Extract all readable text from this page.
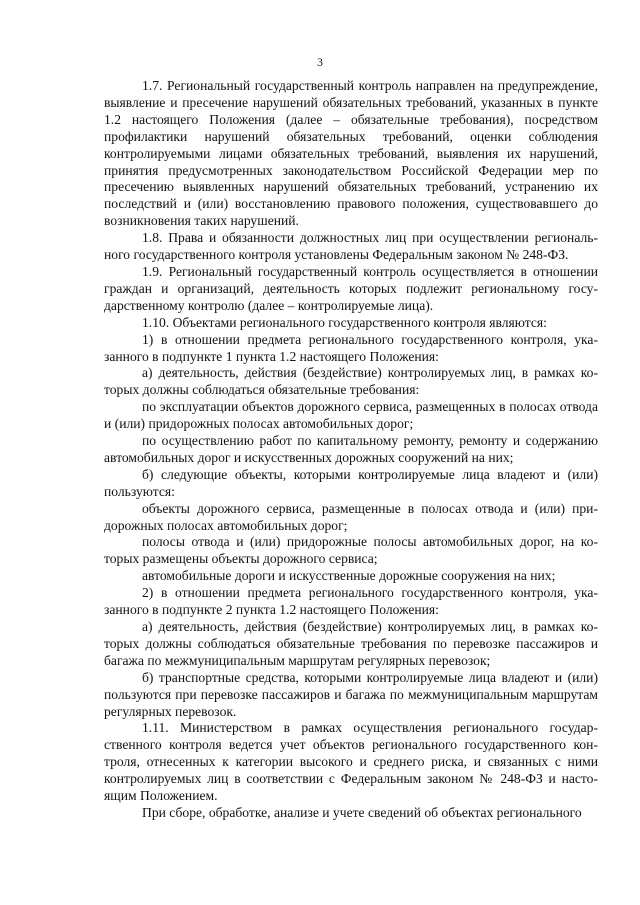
3

1.7. Региональный государственный контроль направлен на предупреждение, выявление и пресечение нарушений обязательных требований, указанных в пункте 1.2 настоящего Положения (далее – обязательные требования), посредством профилактики нарушений обязательных требований, оценки соблюдения контролируемыми лицами обязательных требований, выявления их нарушений, принятия предусмотренных законодательством Российской Федерации мер по пресечению выявленных нарушений обязательных требований, устранению их последствий и (или) восстановлению правового положения, существовавшего до возникновения таких нарушений.

1.8. Права и обязанности должностных лиц при осуществлении регионального государственного контроля установлены Федеральным законом № 248-ФЗ.

1.9. Региональный государственный контроль осуществляется в отношении граждан и организаций, деятельность которых подлежит региональному государственному контролю (далее – контролируемые лица).

1.10. Объектами регионального государственного контроля являются:

1) в отношении предмета регионального государственного контроля, указанного в подпункте 1 пункта 1.2 настоящего Положения:

а) деятельность, действия (бездействие) контролируемых лиц, в рамках которых должны соблюдаться обязательные требования:

по эксплуатации объектов дорожного сервиса, размещенных в полосах отвода и (или) придорожных полосах автомобильных дорог;

по осуществлению работ по капитальному ремонту, ремонту и содержанию автомобильных дорог и искусственных дорожных сооружений на них;

б) следующие объекты, которыми контролируемые лица владеют и (или) пользуются:

объекты дорожного сервиса, размещенные в полосах отвода и (или) придорожных полосах автомобильных дорог;

полосы отвода и (или) придорожные полосы автомобильных дорог, на которых размещены объекты дорожного сервиса;

автомобильные дороги и искусственные дорожные сооружения на них;

2) в отношении предмета регионального государственного контроля, указанного в подпункте 2 пункта 1.2 настоящего Положения:

а) деятельность, действия (бездействие) контролируемых лиц, в рамках которых должны соблюдаться обязательные требования по перевозке пассажиров и багажа по межмуниципальным маршрутам регулярных перевозок;

б) транспортные средства, которыми контролируемые лица владеют и (или) пользуются при перевозке пассажиров и багажа по межмуниципальным маршрутам регулярных перевозок.

1.11. Министерством в рамках осуществления регионального государственного контроля ведется учет объектов регионального государственного контроля, отнесенных к категории высокого и среднего риска, и связанных с ними контролируемых лиц в соответствии с Федеральным законом № 248-ФЗ и настоящим Положением.

При сборе, обработке, анализе и учете сведений об объектах регионального
